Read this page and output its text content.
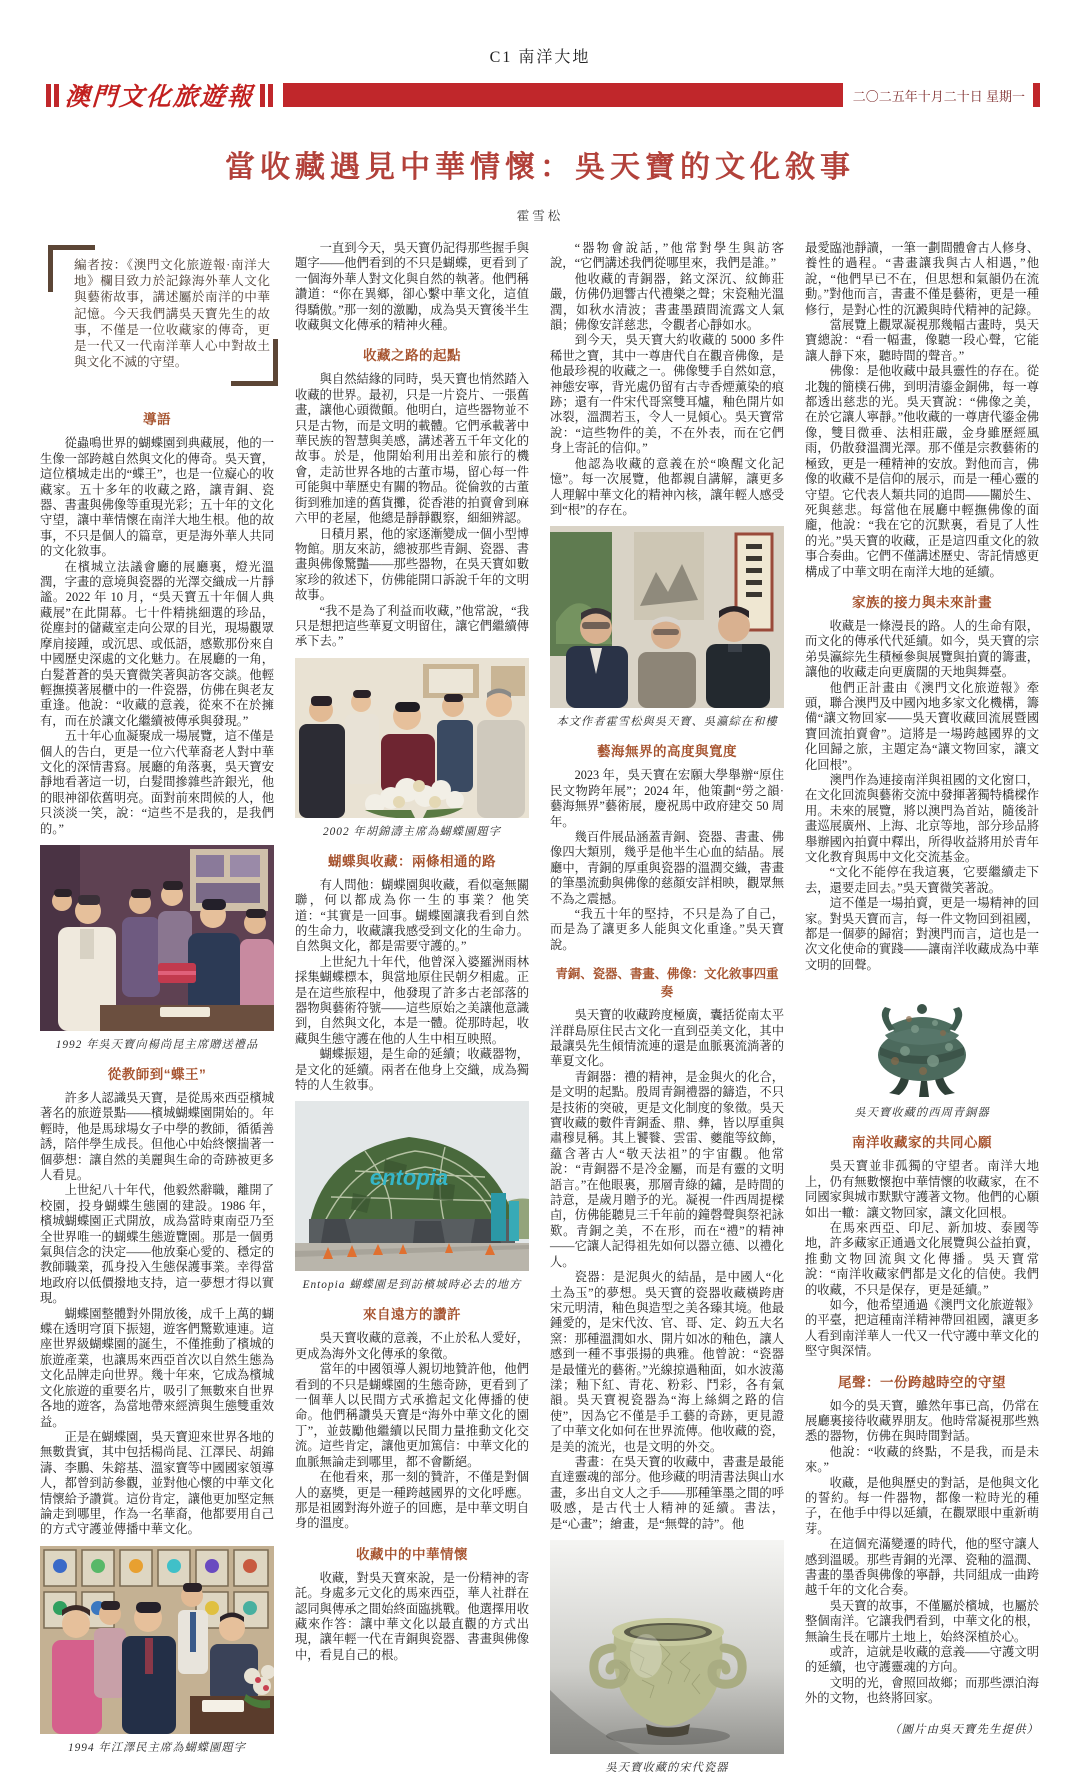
C1 南洋大地
澳門文化旅遊報	二〇二五年十月二十日 星期一
當收藏遇見中華情懷：吳天寶的文化敘事
霍雪松
編者按：《澳門文化旅遊報·南洋大地》欄目致力於記錄海外華人文化與藝術故事，講述屬於南洋的中華記憶。今天我們講吳天寶先生的故事，不僅是一位收藏家的傳奇，更是一代又一代南洋華人心中對故土與文化不滅的守望。
導語

從蟲鳴世界的蝴蝶園到典藏展，他的一生像一部跨越自然與文化的傳奇。吳天寶，這位檳城走出的“蝶王”，也是一位癡心的收藏家。五十多年的收藏之路，讓青銅、瓷器、書畫與佛像等重現光彩；五十年的文化守望，讓中華情懷在南洋大地生根。他的故事，不只是個人的篇章，更是海外華人共同的文化敘事。

在檳城立法議會廳的展廳裏，燈光溫潤，字畫的意境與瓷器的光澤交織成一片靜謐。2022 年 10 月，“吳天寶五十年個人典藏展”在此開幕。七十件精挑細選的珍品，從塵封的儲藏室走向公眾的目光，現場觀眾摩肩接踵，或沉思、或低語，感歎那份來自中國歷史深處的文化魅力。在展廳的一角，白髮蒼蒼的吳天寶微笑著與訪客交談。他輕輕撫摸著展櫃中的一件瓷器，仿佛在與老友重逢。他說：“收藏的意義，從來不在於擁有，而在於讓文化繼續被傳承與發現。”

五十年心血凝聚成一場展覽，這不僅是個人的告白，更是一位六代華裔老人對中華文化的深情書寫。展廳的角落裏，吳天寶安靜地看著這一切，白髮間摻雜些許銀光，他的眼神卻依舊明亮。面對前來問候的人，他只淡淡一笑，說：“這些不是我的，是我們的。”

1992 年吳天寶向楊尚昆主席贈送禮品
從教師到“蝶王”

許多人認識吳天寶，是從馬來西亞檳城著名的旅遊景點——檳城蝴蝶園開始的。年輕時，他是馬球場女子中學的教師，循循善誘，陪伴學生成長。但他心中始終懷揣著一個夢想：讓自然的美麗與生命的奇跡被更多人看見。

上世紀八十年代，他毅然辭職，離開了校園，投身蝴蝶生態園的建設。1986 年，檳城蝴蝶園正式開放，成為當時東南亞乃至全世界唯一的蝴蝶生態遊覽園。那是一個勇氣與信念的決定——他放棄心愛的、穩定的教師職業，孤身投入生態保護事業。幸得當地政府以低價撥地支持，這一夢想才得以實現。

蝴蝶園整體對外開放後，成千上萬的蝴蝶在透明穹頂下振翅，遊客們驚歎連連。這座世界級蝴蝶園的誕生，不僅推動了檳城的旅遊產業，也讓馬來西亞首次以自然生態為文化品牌走向世界。幾十年來，它成為檳城文化旅遊的重要名片，吸引了無數來自世界各地的遊客，為當地帶來經濟與生態雙重效益。

正是在蝴蝶園，吳天寶迎來世界各地的無數貴賓，其中包括楊尚昆、江澤民、胡錦濤、李鵬、朱鎔基、溫家寶等中國國家領導人，都曾到訪參觀，並對他心懷的中華文化情懷給予讚賞。這份肯定，讓他更加堅定無論走到哪里，作為一名華裔，他都要用自己的方式守護並傳播中華文化。

1994 年江澤民主席為蝴蝶園題字

一直到今天，吳天寶仍記得那些握手與題字——他們看到的不只是蝴蝶，更看到了一個海外華人對文化與自然的執著。他們稱讚道：“你在異鄉，卻心繫中華文化，這值得驕傲。”那一刻的激勵，成為吳天寶後半生收藏與文化傳承的精神火種。

收藏之路的起點

與自然結緣的同時，吳天寶也悄然踏入收藏的世界。最初，只是一片瓷片、一張舊畫，讓他心頭微顫。他明白，這些器物並不只是古物，而是文明的載體。它們承載著中華民族的智慧與美感，講述著五千年文化的故事。於是，他開始利用出差和旅行的機會，走訪世界各地的古董市場，留心每一件可能與中華歷史有關的物品。從倫敦的古董街到雅加達的舊貨攤，從香港的拍賣會到麻六甲的老屋，他總是靜靜觀察，細細辨認。

日積月累，他的家逐漸變成一個小型博物館。朋友來訪，總被那些青銅、瓷器、書畫與佛像驚豔——那些器物，在吳天寶如數家珍的敘述下，仿佛能開口訴說千年的文明故事。

“我不是為了利益而收藏，”他常說，“我只是想把這些華夏文明留住，讓它們繼續傳承下去。”

2002 年胡錦濤主席為蝴蝶園題字
蝴蝶與收藏：兩條相通的路

有人問他：蝴蝶園與收藏，看似毫無關聯，何以都成為你一生的事業？他笑道：“其實是一回事。蝴蝶園讓我看到自然的生命力，收藏讓我感受到文化的生命力。自然與文化，都是需要守護的。”

上世紀九十年代，他曾深入婆羅洲雨林採集蝴蝶標本，與當地原住民朝夕相處。正是在這些旅程中，他發現了許多古老部落的器物與藝術符號——這些原始之美讓他意識到，自然與文化，本是一體。從那時起，收藏與生態守護在他的人生中相互映照。

蝴蝶振翅，是生命的延續；收藏器物，是文化的延續。兩者在他身上交織，成為獨特的人生敘事。

entopia
Entopia 蝴蝶園是到訪檳城時必去的地方
來自遠方的讚許

吳天寶收藏的意義，不止於私人愛好，更成為海外文化傳承的象徵。

當年的中國領導人親切地贊許他，他們看到的不只是蝴蝶園的生態奇跡，更看到了一個華人以民間方式承擔起文化傳播的使命。他們稱讚吳天寶是“海外中華文化的園丁”，並鼓勵他繼續以民間力量推動文化交流。這些肯定，讓他更加篤信：中華文化的血脈無論走到哪里，都不會斷絕。

在他看來，那一刻的贊許，不僅是對個人的嘉獎，更是一種跨越國界的文化呼應。那是祖國對海外遊子的回應，是中華文明自身的溫度。

收藏中的中華情懷

收藏，對吳天寶來說，是一份精神的寄託。身處多元文化的馬來西亞，華人社群在認同與傳承之間始終面臨挑戰。他選擇用收藏來作答：讓中華文化以最直觀的方式出現，讓年輕一代在青銅與瓷器、書畫與佛像中，看見自己的根。

“器物會說話，”他常對學生與訪客說，“它們講述我們從哪里來，我們是誰。”

他收藏的青銅器，銘文深沉、紋飾莊嚴，仿佛仍迴響古代禮樂之聲；宋瓷釉光溫潤，如秋水清波；書畫墨蹟間流露文人氣韻；佛像安詳慈悲，令觀者心靜如水。

到今天，吳天寶大約收藏的 5000 多件稀世之寶，其中一尊唐代自在觀音佛像，是他最珍視的收藏之一。佛像雙手自然如意，神態安寧，背光處仍留有古寺香煙薰染的痕跡；還有一件宋代哥窯雙耳爐，釉色開片如冰裂，溫潤若玉，令人一見傾心。吳天寶常說：“這些物件的美，不在外表，而在它們身上寄託的信仰。”

他認為收藏的意義在於“喚醒文化記憶”。每一次展覽，他都親自講解，讓更多人理解中華文化的精神內核，讓年輕人感受到“根”的存在。

本文作者霍雪松與吳天寶、吳瀛綜在和樓
藝海無界的高度與寬度

2023 年，吳天寶在宏願大學舉辦“原住民文物跨年展”；2024 年，他策劃“勞之韻·藝海無界”藝術展，慶祝馬中政府建交 50 周年。

幾百件展品涵蓋青銅、瓷器、書畫、佛像四大類別，幾乎是他半生心血的結晶。展廳中，青銅的厚重與瓷器的溫潤交織，書畫的筆墨流動與佛像的慈顏安詳相映，觀眾無不為之震撼。

“我五十年的堅持，不只是為了自己，而是為了讓更多人能與文化重逢。”吳天寶說。

青銅、瓷器、書畫、佛像：文化敘事四重奏

吳天寶的收藏跨度極廣，囊括從南太平洋群島原住民古文化一直到亞美文化，其中最讓吳先生傾情流連的還是血脈裏流淌著的華夏文化。

青銅器：禮的精神，是金與火的化合，是文明的起點。殷周青銅禮器的鑄造，不只是技術的突破，更是文化制度的象徵。吳天寶收藏的數件青銅盉、鼎、彝，皆以厚重與肅穆見稱。其上饕餮、雲雷、夔龍等紋飾，蘊含著古人“敬天法祖”的宇宙觀。他常說：“青銅器不是冷金屬，而是有靈的文明語言。”在他眼裏，那層青綠的鏽，是時間的詩意，是歲月贈予的光。凝視一件西周提樑卣，仿佛能聽見三千年前的鐘磬聲與祭祀詠歎。青銅之美，不在形，而在“禮”的精神——它讓人記得祖先如何以器立德、以禮化人。

瓷器：是泥與火的結晶，是中國人“化土為玉”的夢想。吳天寶的瓷器收藏橫跨唐宋元明清，釉色與造型之美各臻其境。他最鍾愛的，是宋代汝、官、哥、定、鈞五大名窯：那種溫潤如水、開片如冰的釉色，讓人感到一種不事張揚的典雅。他曾說：“瓷器是最懂光的藝術。”光線掠過釉面，如水波蕩漾；釉下紅、青花、粉彩、鬥彩，各有氣韻。吳天寶視瓷器為“海上絲綢之路的信使”，因為它不僅是手工藝的奇跡，更見證了中華文化如何在世界流傳。他收藏的瓷，是美的流光，也是文明的外交。

書畫：在吳天寶的收藏中，書畫是最能直達靈魂的部分。他珍藏的明清書法與山水畫，多出自文人之手——那種筆墨之間的呼吸感，是古代士人精神的延續。書法，是“心畫”；繪畫，是“無聲的詩”。他

吳天寶收藏的宋代瓷器

最愛臨池靜讀，一筆一劃間體會古人修身、養性的過程。“書畫讓我與古人相遇，”他說，“他們早已不在，但思想和氣韻仍在流動。”對他而言，書畫不僅是藝術，更是一種修行，是對心性的沉澱與時代精神的記錄。

當展覽上觀眾凝視那幾幅古畫時，吳天寶總說：“看一幅畫，像聽一段心聲，它能讓人靜下來，聽時間的聲音。”

佛像：是他收藏中最具靈性的存在。從北魏的簡樸石佛，到明清鎏金銅佛，每一尊都透出慈悲的光。吳天寶說：“佛像之美，在於它讓人寧靜。”他收藏的一尊唐代鎏金佛像，雙目微垂、法相莊嚴，金身雖歷經風雨，仍散發溫潤光澤。那不僅是宗教藝術的極致，更是一種精神的安放。對他而言，佛像的收藏不是信仰的展示，而是一種心靈的守望。它代表人類共同的追問——關於生、死與慈悲。每當他在展廳中輕撫佛像的面龐，他說：“我在它的沉默裏，看見了人性的光。”吳天寶的收藏，正是這四重文化的敘事合奏曲。它們不僅講述歷史、寄託情感更構成了中華文明在南洋大地的延續。

家族的接力與未來計畫

收藏是一條漫長的路。人的生命有限，而文化的傳承代代延續。如今，吳天寶的宗弟吳瀛綜先生積極參與展覽與拍賣的籌畫，讓他的收藏走向更廣闊的天地與舞臺。

他們正計畫由《澳門文化旅遊報》牽頭，聯合澳門及中國內地多家文化機構，籌備“讓文物回家——吳天寶收藏回流展暨國寶回流拍賣會”。這將是一場跨越國界的文化回歸之旅，主題定為“讓文物回家，讓文化回根”。

澳門作為連接南洋與祖國的文化窗口，在文化回流與藝術交流中發揮著獨特橋樑作用。未來的展覽，將以澳門為首站，隨後計畫巡展廣州、上海、北京等地，部分珍品將舉辦國內拍賣中釋出，所得收益將用於青年文化教育與馬中文化交流基金。

“文化不能停在我這裏，它要繼續走下去，還要走回去。”吳天寶微笑著說。

這不僅是一場拍賣，更是一場精神的回家。對吳天寶而言，每一件文物回到祖國，都是一個夢的歸宿；對澳門而言，這也是一次文化使命的實踐——讓南洋收藏成為中華文明的回聲。

吳天寶收藏的西周青銅器
南洋收藏家的共同心願

吳天寶並非孤獨的守望者。南洋大地上，仍有無數懷抱中華情懷的收藏家，在不同國家與城市默默守護著文物。他們的心願如出一轍：讓文物回家，讓文化回根。

在馬來西亞、印尼、新加坡、泰國等地，許多藏家正通過文化展覽與公益拍賣，推動文物回流與文化傳播。吳天寶常說：“南洋收藏家們都是文化的信使。我們的收藏，不只是保存，更是延續。”

如今，他希望通過《澳門文化旅遊報》的平臺，把這種南洋精神帶回祖國，讓更多人看到南洋華人一代又一代守護中華文化的堅守與深情。

尾聲：一份跨越時空的守望

如今的吳天寶，雖然年事已高，仍常在展廳裏接待收藏界朋友。他時常凝視那些熟悉的器物，仿佛在與時間對話。

他說：“收藏的終點，不是我，而是未來。”

收藏，是他與歷史的對話，是他與文化的誓約。每一件器物，都像一粒時光的種子，在他手中得以延續，在觀眾眼中重新萌芽。

在這個充滿變遷的時代，他的堅守讓人感到溫暖。那些青銅的光澤、瓷釉的溫潤、書畫的墨香與佛像的寧靜，共同組成一曲跨越千年的文化合奏。

吳天寶的故事，不僅屬於檳城，也屬於整個南洋。它讓我們看到，中華文化的根，無論生長在哪片土地上，始終深植於心。

或許，這就是收藏的意義——守護文明的延續，也守護靈魂的方向。

文明的光，會照回故鄉；而那些漂泊海外的文物，也終將回家。

（圖片由吳天寶先生提供）
